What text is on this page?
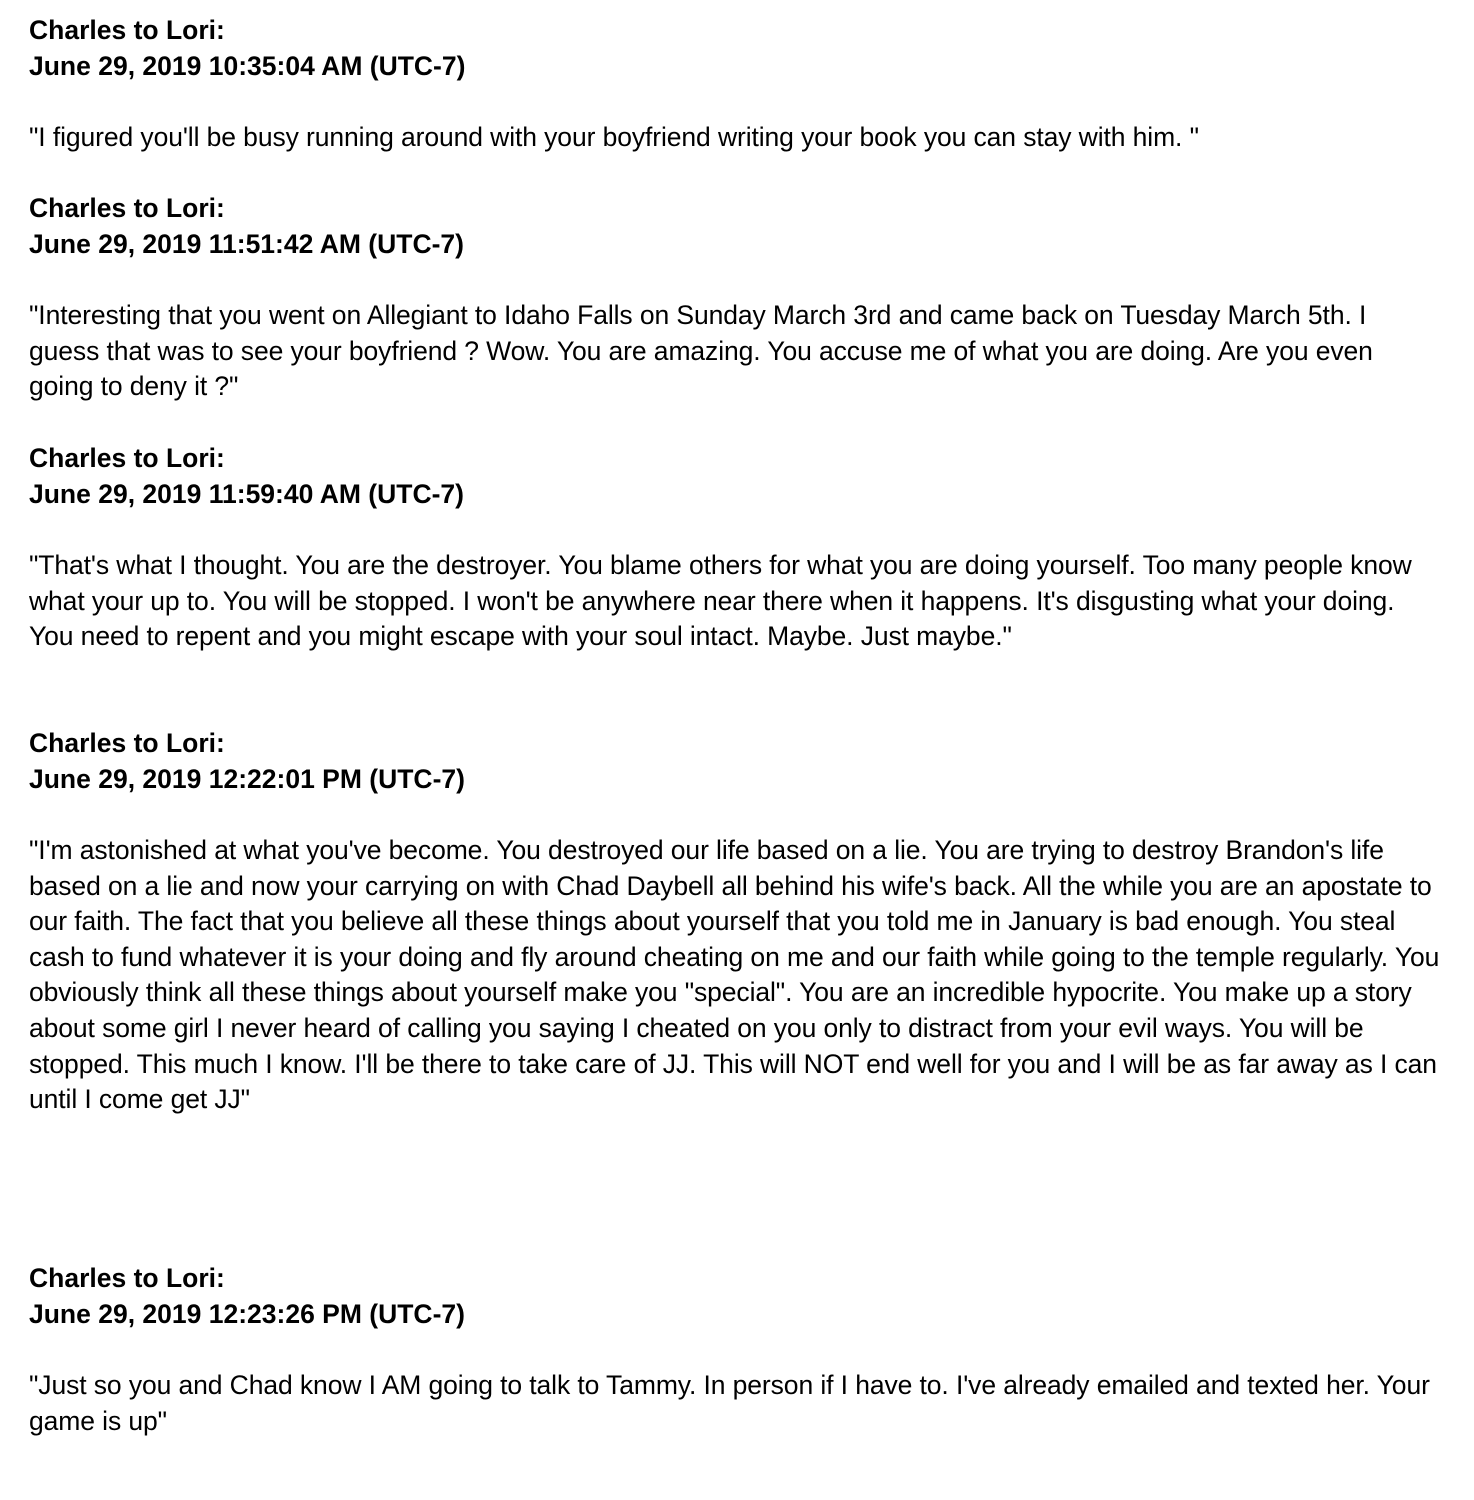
Charles to Lori:
June 29, 2019 10:35:04 AM (UTC-7)
"I figured you'll be busy running around with your boyfriend writing your book you can stay with him. "
Charles to Lori:
June 29, 2019 11:51:42 AM (UTC-7)
"Interesting that you went on Allegiant to Idaho Falls on Sunday March 3rd and came back on Tuesday March 5th. I guess that was to see your boyfriend ? Wow. You are amazing. You accuse me of what you are doing. Are you even going to deny it ?"
Charles to Lori:
June 29, 2019 11:59:40 AM (UTC-7)
"That's what I thought. You are the destroyer. You blame others for what you are doing yourself. Too many people know what your up to. You will be stopped. I won't be anywhere near there when it happens. It's disgusting what your doing. You need to repent and you might escape with your soul intact. Maybe. Just maybe."
Charles to Lori:
June 29, 2019 12:22:01 PM (UTC-7)
"I'm astonished at what you've become. You destroyed our life based on a lie. You are trying to destroy Brandon's life based on a lie and now your carrying on with Chad Daybell all behind his wife's back. All the while you are an apostate to our faith. The fact that you believe all these things about yourself that you told me in January is bad enough. You steal cash to fund whatever it is your doing and fly around cheating on me and our faith while going to the temple regularly. You obviously think all these things about yourself make you "special". You are an incredible hypocrite. You make up a story about some girl I never heard of calling you saying I cheated on you only to distract from your evil ways. You will be stopped. This much I know. I'll be there to take care of JJ. This will NOT end well for you and I will be as far away as I can until I come get JJ"
Charles to Lori:
June 29, 2019 12:23:26 PM (UTC-7)
"Just so you and Chad know I AM going to talk to Tammy. In person if I have to. I've already emailed and texted her. Your game is up"
